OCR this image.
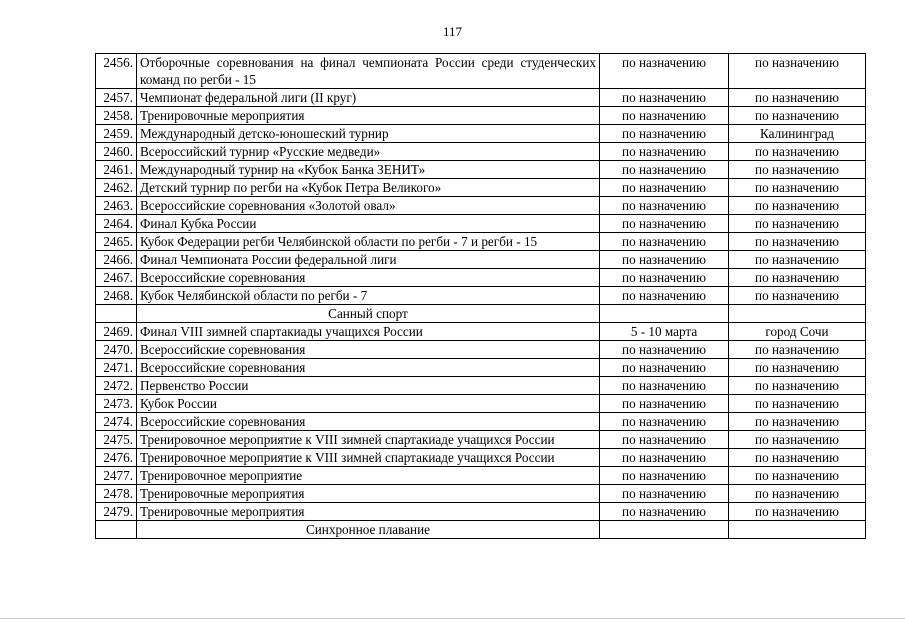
117
2456.	Отборочные соревнования на финал чемпионата России среди студенческих команд по регби - 15	по назначению	по назначению
2457.	Чемпионат федеральной лиги (II круг)	по назначению	по назначению
2458.	Тренировочные мероприятия	по назначению	по назначению
2459.	Международный детско-юношеский турнир	по назначению	Калининград
2460.	Всероссийский турнир «Русские медведи»	по назначению	по назначению
2461.	Международный турнир на «Кубок Банка ЗЕНИТ»	по назначению	по назначению
2462.	Детский турнир по регби на «Кубок Петра Великого»	по назначению	по назначению
2463.	Всероссийские соревнования «Золотой овал»	по назначению	по назначению
2464.	Финал Кубка России	по назначению	по назначению
2465.	Кубок Федерации регби Челябинской области по регби - 7 и регби - 15	по назначению	по назначению
2466.	Финал Чемпионата России федеральной лиги	по назначению	по назначению
2467.	Всероссийские соревнования	по назначению	по назначению
2468.	Кубок Челябинской области по регби - 7	по назначению	по назначению
	Санный спорт		
2469.	Финал VIII зимней спартакиады учащихся России	5 - 10 марта	город Сочи
2470.	Всероссийские соревнования	по назначению	по назначению
2471.	Всероссийские соревнования	по назначению	по назначению
2472.	Первенство России	по назначению	по назначению
2473.	Кубок России	по назначению	по назначению
2474.	Всероссийские соревнования	по назначению	по назначению
2475.	Тренировочное мероприятие к VIII зимней спартакиаде учащихся России	по назначению	по назначению
2476.	Тренировочное мероприятие к VIII зимней спартакиаде учащихся России	по назначению	по назначению
2477.	Тренировочное мероприятие	по назначению	по назначению
2478.	Тренировочные мероприятия	по назначению	по назначению
2479.	Тренировочные мероприятия	по назначению	по назначению
	Синхронное плавание		
